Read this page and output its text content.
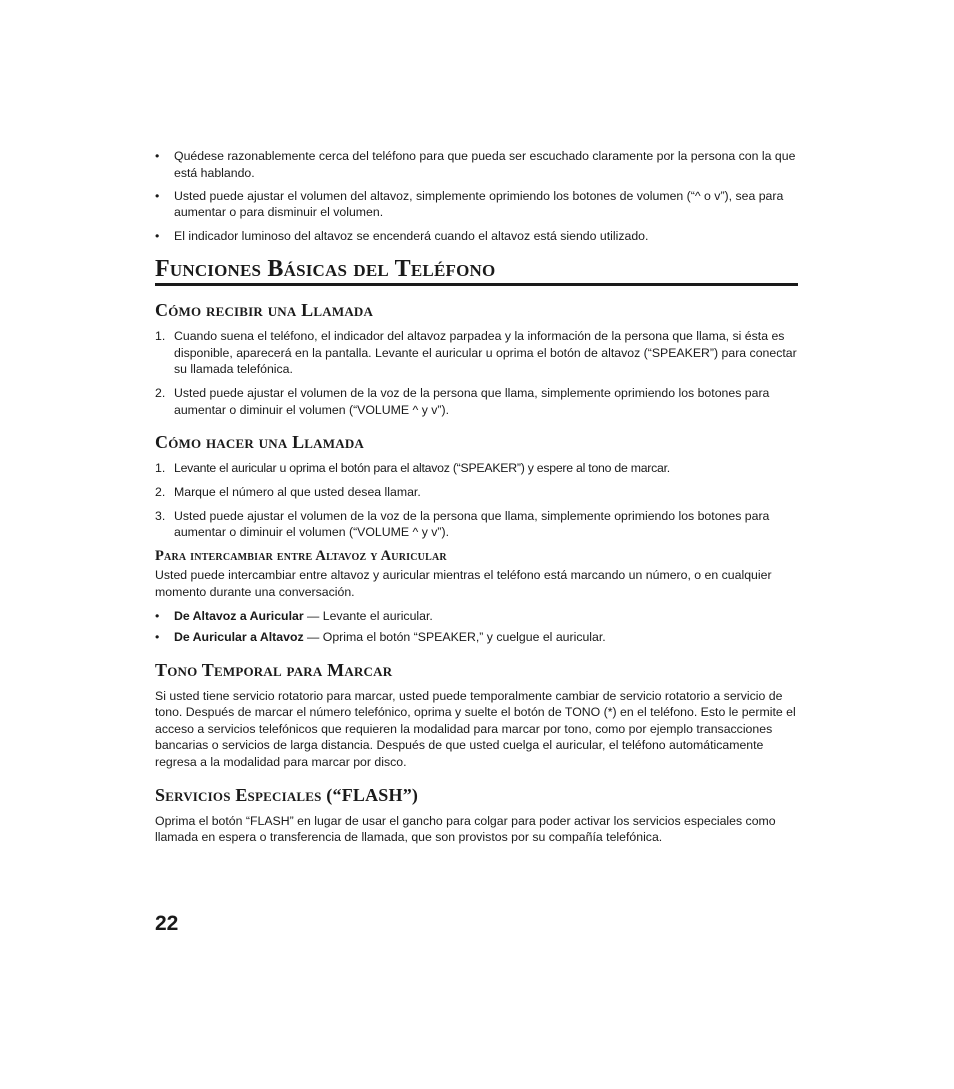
• Quédese razonablemente cerca del teléfono para que pueda ser escuchado claramente por la persona con la que está hablando.
• Usted puede ajustar el volumen del altavoz, simplemente oprimiendo los botones de volumen (“^ o v”), sea para aumentar o para disminuir el volumen.
• El indicador luminoso del altavoz se encenderá cuando el altavoz está siendo utilizado.
Funciones Básicas del Teléfono
Cómo recibir una Llamada
1. Cuando suena el teléfono, el indicador del altavoz parpadea y la información de la persona que llama, si ésta es disponible, aparecerá en la pantalla. Levante el auricular u oprima el botón de altavoz (“SPEAKER”) para conectar su llamada telefónica.
2. Usted puede ajustar el volumen de la voz de la persona que llama, simplemente oprimiendo los botones para aumentar o diminuir el volumen (“VOLUME ^ y v”).
Cómo hacer una Llamada
1. Levante el auricular u oprima el botón para el altavoz (“SPEAKER”) y espere al tono de marcar.
2. Marque el número al que usted desea llamar.
3. Usted puede ajustar el volumen de la voz de la persona que llama, simplemente oprimiendo los botones para aumentar o diminuir el volumen (“VOLUME ^ y v”).
Para intercambiar entre Altavoz y Auricular

Usted puede intercambiar entre altavoz y auricular mientras el teléfono está marcando un número, o en cualquier momento durante una conversación.

• De Altavoz a Auricular — Levante el auricular.
• De Auricular a Altavoz — Oprima el botón “SPEAKER,” y cuelgue el auricular.
Tono Temporal para Marcar

Si usted tiene servicio rotatorio para marcar, usted puede temporalmente cambiar de servicio rotatorio a servicio de tono. Después de marcar el número telefónico, oprima y suelte el botón de TONO (*) en el teléfono. Esto le permite el acceso a servicios telefónicos que requieren la modalidad para marcar por tono, como por ejemplo transacciones bancarias o servicios de larga distancia. Después de que usted cuelga el auricular, el teléfono automáticamente regresa a la modalidad para marcar por disco.

Servicios Especiales (“FLASH”)

Oprima el botón “FLASH” en lugar de usar el gancho para colgar para poder activar los servicios especiales como llamada en espera o transferencia de llamada, que son provistos por su compañía telefónica.

22
